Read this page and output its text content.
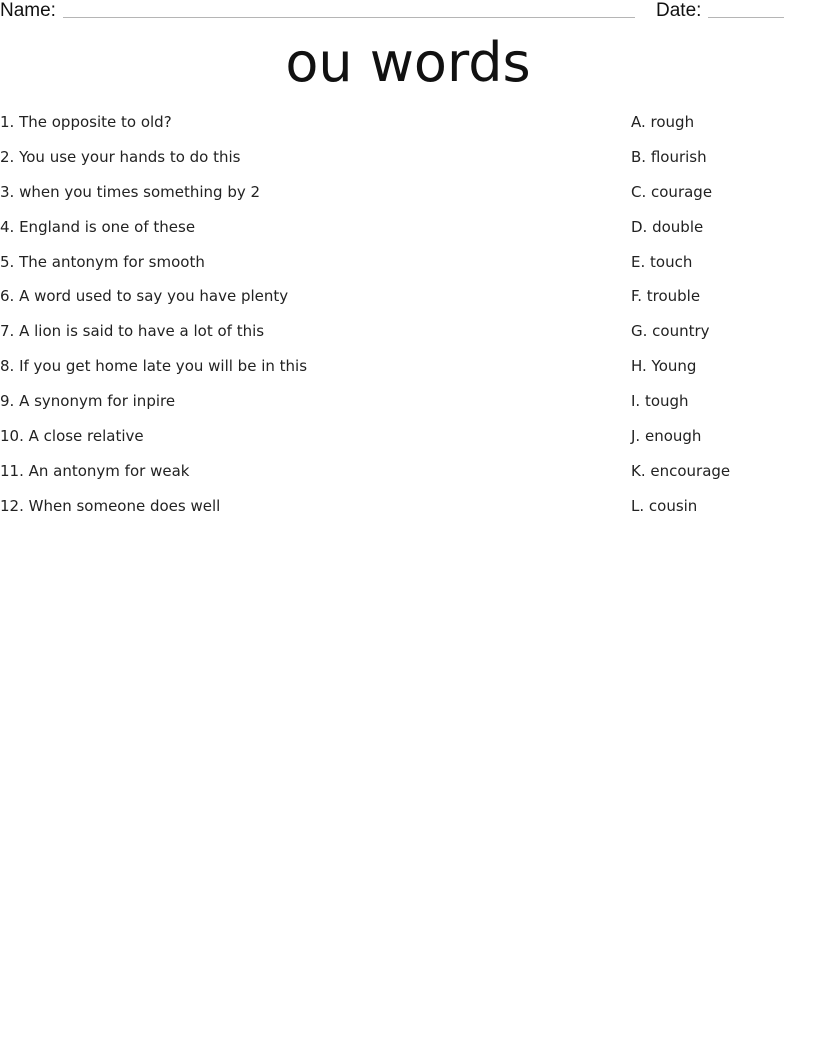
Name:	Date:
ou words
1. The opposite to old?
2. You use your hands to do this
3. when you times something by 2
4. England is one of these
5. The antonym for smooth
6. A word used to say you have plenty
7. A lion is said to have a lot of this
8. If you get home late you will be in this
9. A synonym for inpire
10. A close relative
11. An antonym for weak
12. When someone does well
A. rough
B. flourish
C. courage
D. double
E. touch
F. trouble
G. country
H. Young
I. tough
J. enough
K. encourage
L. cousin
